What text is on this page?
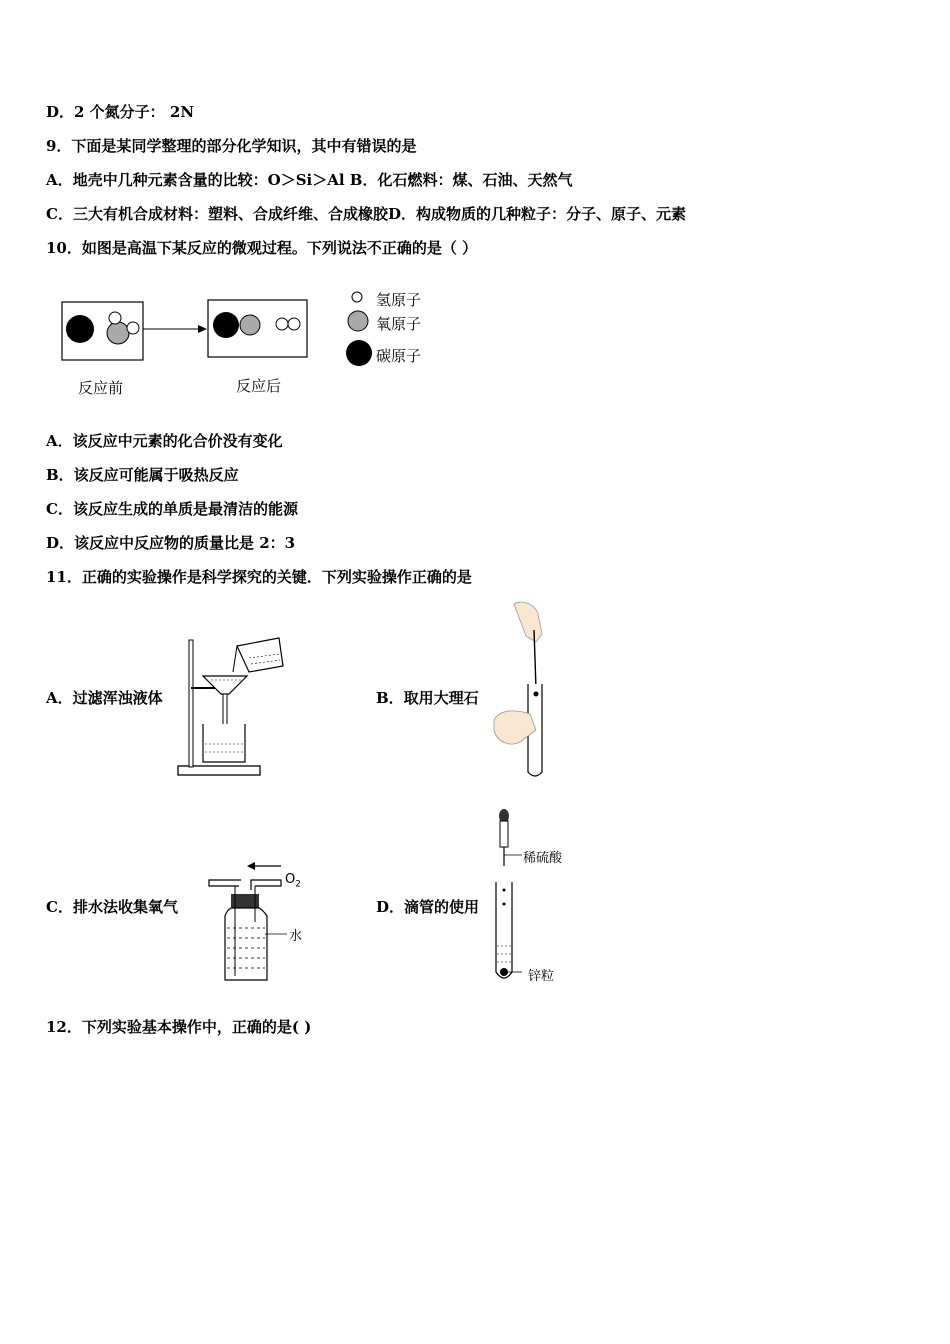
D．2 个氮分子： 2N
9．下面是某同学整理的部分化学知识，其中有错误的是
A．地壳中几种元素含量的比较：O＞Si＞Al B．化石燃料：煤、石油、天然气
C．三大有机合成材料：塑料、合成纤维、合成橡胶D．构成物质的几种粒子：分子、原子、元素
10．如图是高温下某反应的微观过程。下列说法不正确的是（ ）
反应前	反应后
氢原子
氧原子
碳原子
A．该反应中元素的化合价没有变化
B．该反应可能属于吸热反应
C．该反应生成的单质是最清洁的能源
D．该反应中反应物的质量比是 2：3
11．正确的实验操作是科学探究的关键．下列实验操作正确的是
A．过滤浑浊液体	B．取用大理石
C．排水法收集氧气
$O_2$
水
D．滴管的使用
稀硫酸
锌粒
12．下列实验基本操作中，正确的是( )
